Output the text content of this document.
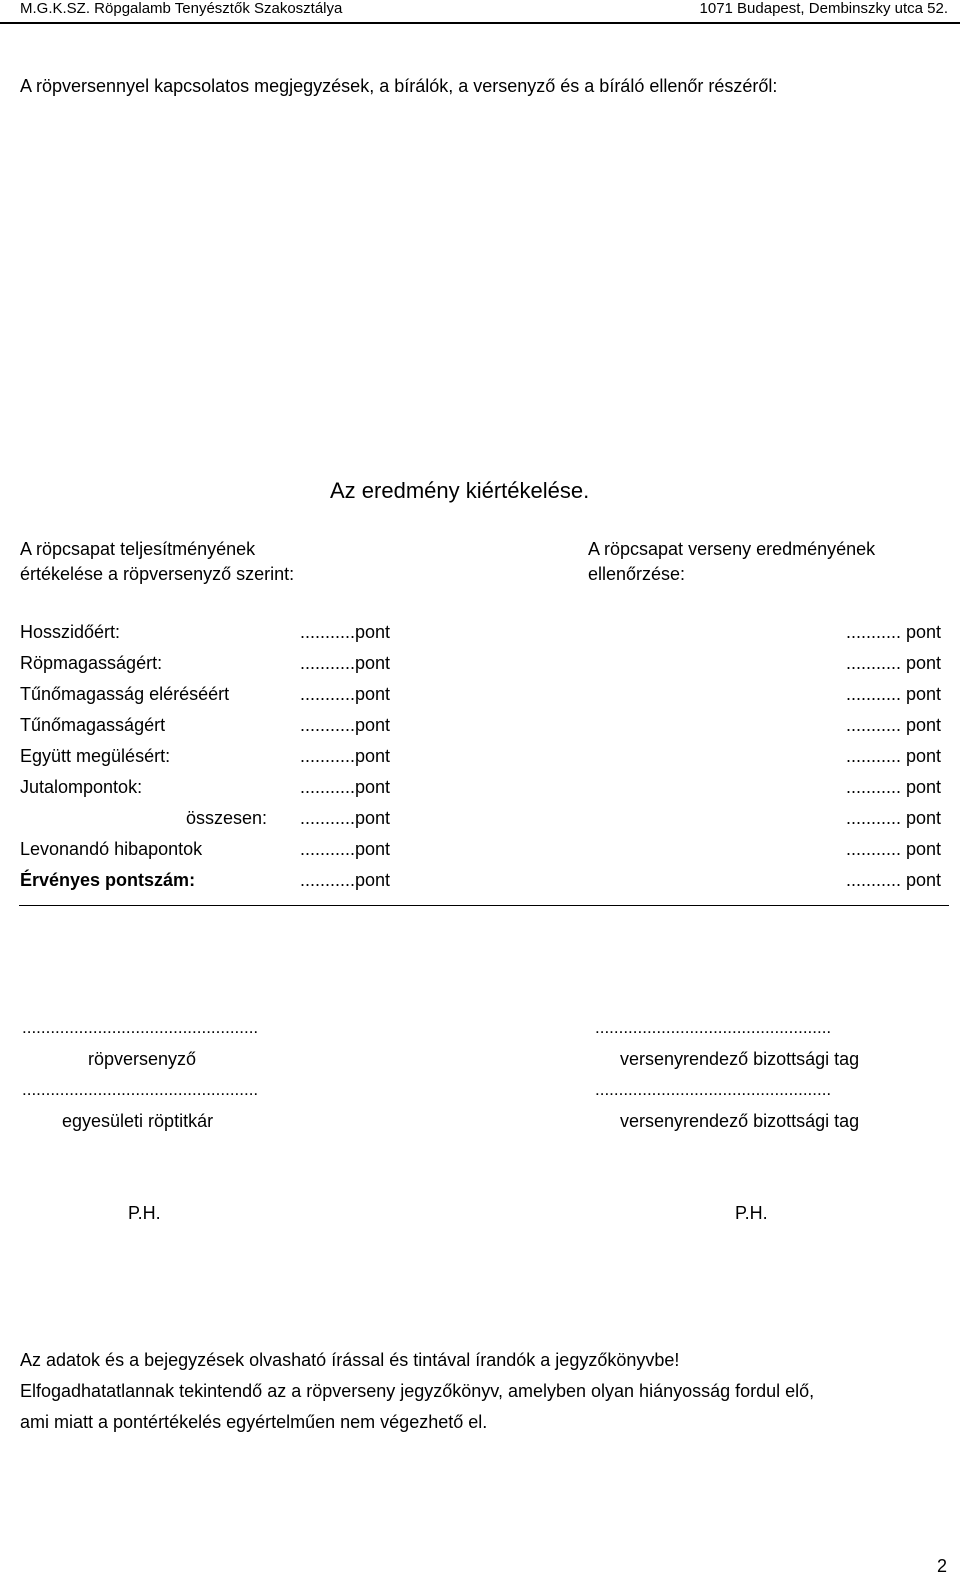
M.G.K.SZ. Röpgalamb Tenyésztők Szakosztálya	1071 Budapest, Dembinszky utca 52.
A röpversennyel kapcsolatos megjegyzések, a bírálók, a versenyző és a bíráló ellenőr részéről:
Az eredmény kiértékelése.
A röpcsapat teljesítményének
értékelése a röpversenyző szerint:
A röpcsapat verseny eredményének
ellenőrzése:
Hosszidőért:	...........pont	........... pont
Röpmagasságért:	...........pont	........... pont
Tűnőmagasság eléréséért	...........pont	........... pont
Tűnőmagasságért	...........pont	........... pont
Együtt megülésért:	...........pont	........... pont
Jutalompontok:	...........pont	........... pont
összesen: ...........pont	........... pont
Levonandó hibapontok	...........pont	........... pont
Érvényes pontszám:	...........pont	........... pont
..................................................	..................................................
röpversenyző	versenyrendező bizottsági tag
..................................................	..................................................
egyesületi röptitkár	versenyrendező bizottsági tag
P.H.	P.H.
Az adatok és a bejegyzések olvasható írással és tintával írandók a jegyzőkönyvbe!
Elfogadhatatlannak tekintendő az a röpverseny jegyzőkönyv, amelyben olyan hiányosság fordul elő,
ami miatt a pontértékelés egyértelműen nem végezhető el.
2
